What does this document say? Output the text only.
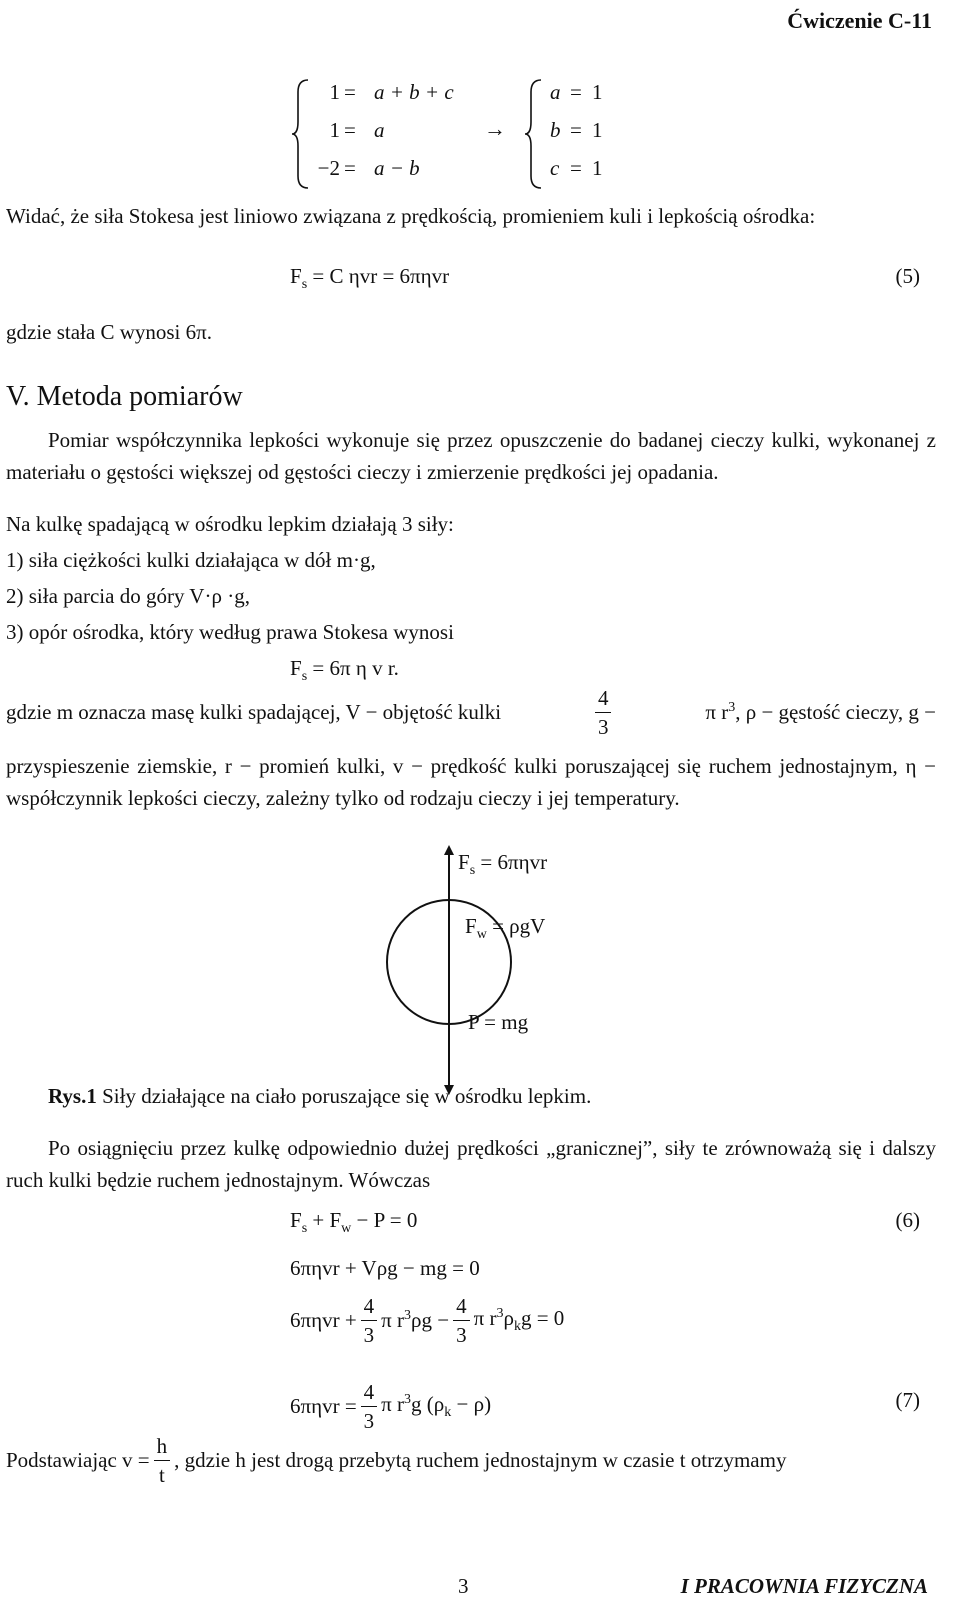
Ćwiczenie C-11
1 = a + b + c
1 = a
−2 = a − b
→
a = 1
b = 1
c = 1
Widać, że siła Stokesa jest liniowo związana z prędkością, promieniem kuli i lepkością ośrodka:
$F_s = C$ ηvr = 6πηvr	(5)
gdzie stała C wynosi 6π.
V. Metoda pomiarów
Pomiar współczynnika lepkości wykonuje się przez opuszczenie do badanej cieczy kulki, wykonanej z materiału o gęstości większej od gęstości cieczy i zmierzenie prędkości jej opadania.
Na kulkę spadającą w ośrodku lepkim działają 3 siły:
1) siła ciężkości kulki działająca w dół m·g,
2) siła parcia do góry V·ρ ·g,
3) opór ośrodka, który według prawa Stokesa wynosi
$F_s = 6\pi$ η v r.
gdzie m oznacza masę kulki spadającej, V − objętość kulki	$\frac{4}{3}$	π $r^3$, ρ − gęstość cieczy, g −
przyspieszenie ziemskie, r − promień kulki, v − prędkość kulki poruszającej się ruchem jednostajnym, η − współczynnik lepkości cieczy, zależny tylko od rodzaju cieczy i jej temperatury.
$F_s = 6\pi\eta vr$
$F_w = \rho gV$
P = mg
Rys.1 Siły działające na ciało poruszające się w ośrodku lepkim.
Po osiągnięciu przez kulkę odpowiednio dużej prędkości „granicznej”, siły te zrównoważą się i dalszy ruch kulki będzie ruchem jednostajnym. Wówczas
$F_s + F_w - P = 0$	(6)
6πηvr + Vρg − mg = 0
$6\pi\eta vr + \frac{4}{3}$ π $r^3\rho g - \frac{4}{3}$ π $r^3\rho_kg = 0$
$6\pi\eta vr = \frac{4}{3}$ π $r^3g$ $(\rho_k - \rho)$	(7)
Podstawiając $v = \frac{h}{t}$ , gdzie h jest drogą przebytą ruchem jednostajnym w czasie t otrzymamy
3	I PRACOWNIA FIZYCZNA
